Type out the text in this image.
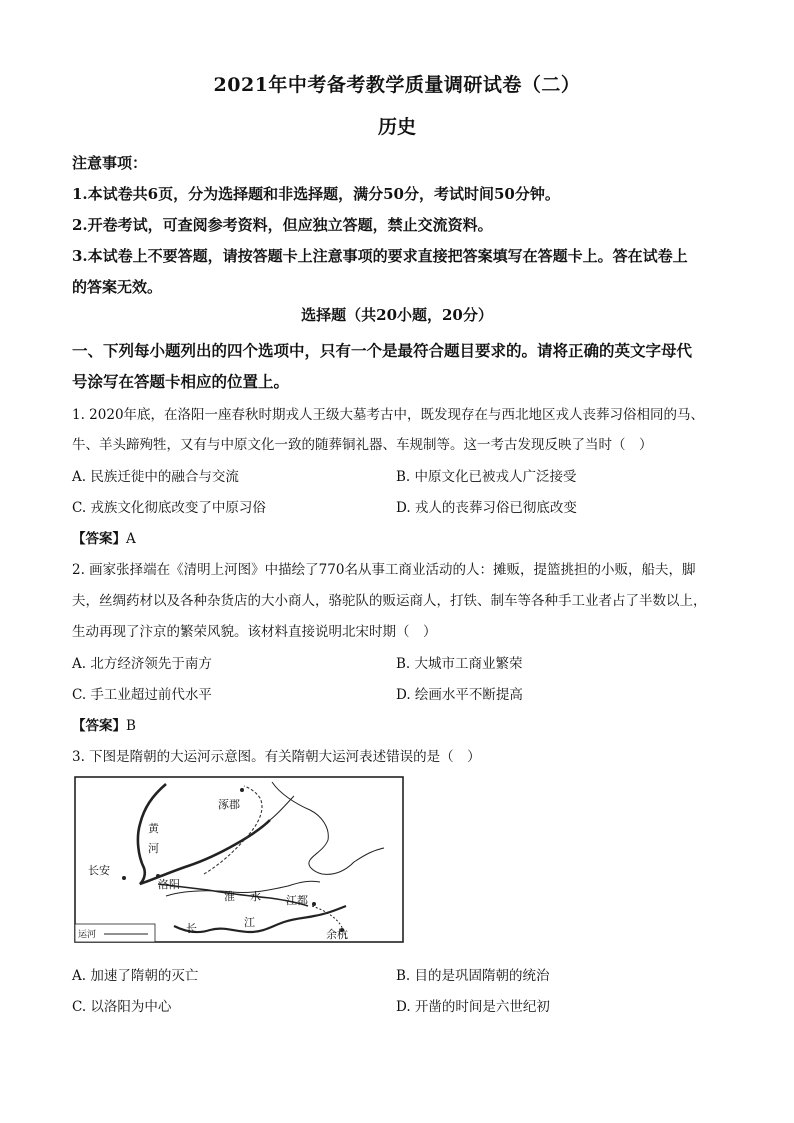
2021年中考备考教学质量调研试卷（二）
历史
注意事项：
1.本试卷共6页，分为选择题和非选择题，满分50分，考试时间50分钟。
2.开卷考试，可查阅参考资料，但应独立答题，禁止交流资料。
3.本试卷上不要答题，请按答题卡上注意事项的要求直接把答案填写在答题卡上。答在试卷上
的答案无效。
选择题（共20小题，20分）
一、下列每小题列出的四个选项中，只有一个是最符合题目要求的。请将正确的英文字母代
号涂写在答题卡相应的位置上。
1. 2020年底，在洛阳一座春秋时期戎人王级大墓考古中，既发现存在与西北地区戎人丧葬习俗相同的马、
牛、羊头蹄殉牲，又有与中原文化一致的随葬铜礼器、车规制等。这一考古发现反映了当时（　）
A. 民族迁徙中的融合与交流	B. 中原文化已被戎人广泛接受
C. 戎族文化彻底改变了中原习俗	D. 戎人的丧葬习俗已彻底改变
【答案】A
2. 画家张择端在《清明上河图》中描绘了770名从事工商业活动的人：摊贩，提篮挑担的小贩，船夫，脚
夫，丝绸药材以及各种杂货店的大小商人，骆驼队的贩运商人，打铁、制车等各种手工业者占了半数以上，
生动再现了汴京的繁荣风貌。该材料直接说明北宋时期（　）
A. 北方经济领先于南方	B. 大城市工商业繁荣
C. 手工业超过前代水平	D. 绘画水平不断提高
【答案】B
3. 下图是隋朝的大运河示意图。有关隋朝大运河表述错误的是（　）
涿郡
黄
河
长安
洛阳
淮 水 江都
长	江
余杭
运河
A. 加速了隋朝的灭亡	B. 目的是巩固隋朝的统治
C. 以洛阳为中心	D. 开凿的时间是六世纪初
